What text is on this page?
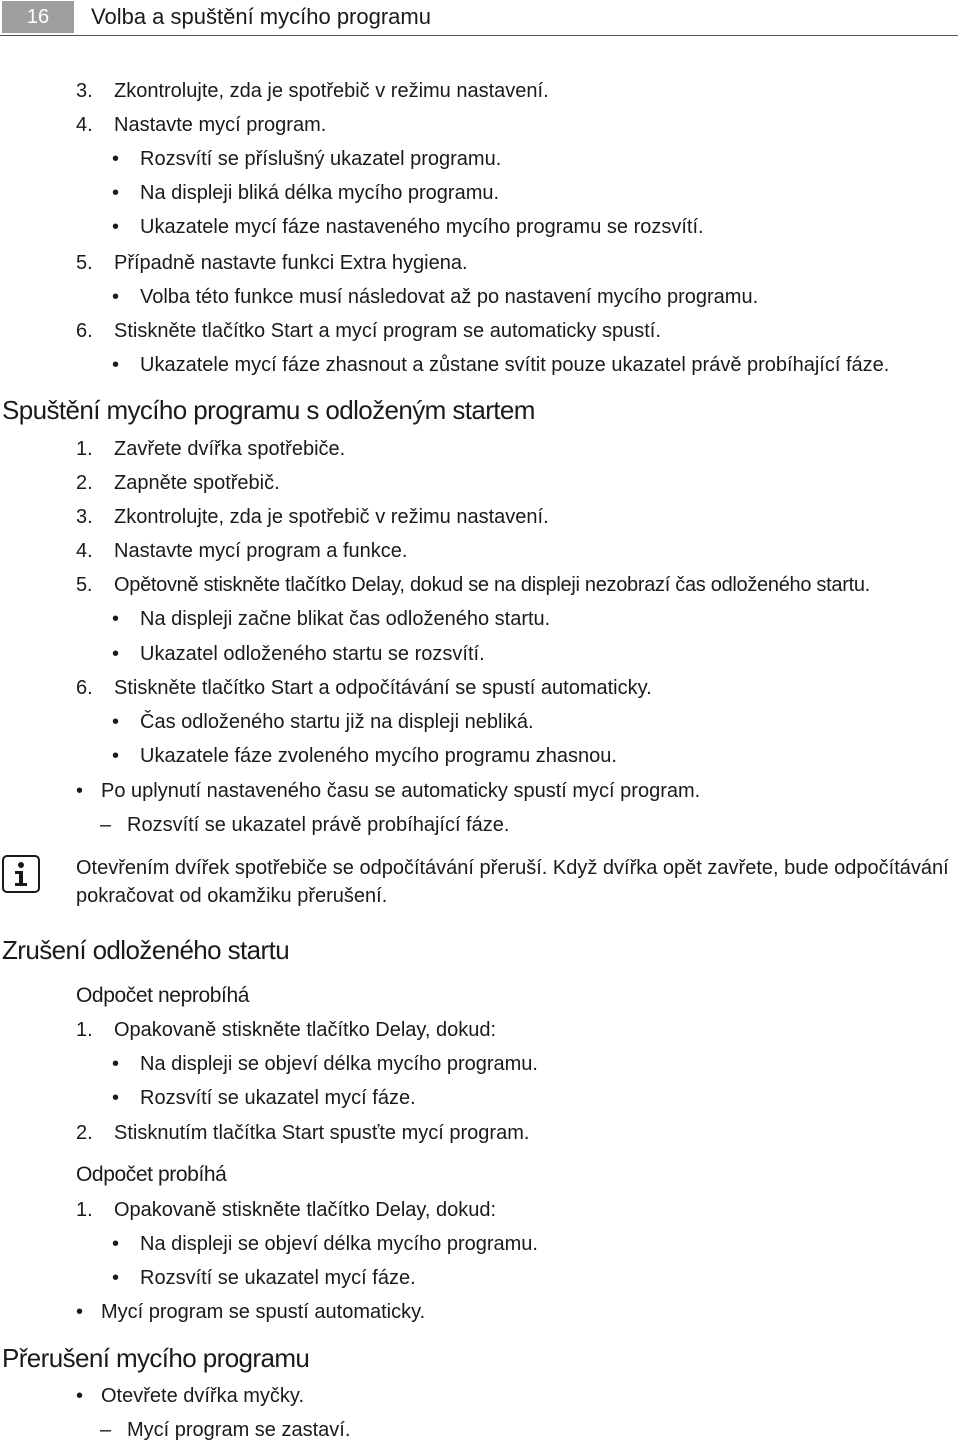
16	Volba a spuštění mycího programu
3. Zkontrolujte, zda je spotřebič v režimu nastavení.
4. Nastavte mycí program.
• Rozsvítí se příslušný ukazatel programu.
• Na displeji bliká délka mycího programu.
• Ukazatele mycí fáze nastaveného mycího programu se rozsvítí.
5. Případně nastavte funkci Extra hygiena.
• Volba této funkce musí následovat až po nastavení mycího programu.
6. Stiskněte tlačítko Start a mycí program se automaticky spustí.
• Ukazatele mycí fáze zhasnout a zůstane svítit pouze ukazatel právě probíhající fáze.
Spuštění mycího programu s odloženým startem
1. Zavřete dvířka spotřebiče.
2. Zapněte spotřebič.
3. Zkontrolujte, zda je spotřebič v režimu nastavení.
4. Nastavte mycí program a funkce.
5. Opětovně stiskněte tlačítko Delay, dokud se na displeji nezobrazí čas odloženého startu.
• Na displeji začne blikat čas odloženého startu.
• Ukazatel odloženého startu se rozsvítí.
6. Stiskněte tlačítko Start a odpočítávání se spustí automaticky.
• Čas odloženého startu již na displeji nebliká.
• Ukazatele fáze zvoleného mycího programu zhasnou.
• Po uplynutí nastaveného času se automaticky spustí mycí program.
– Rozsvítí se ukazatel právě probíhající fáze.
Otevřením dvířek spotřebiče se odpočítávání přeruší. Když dvířka opět zavřete, bude odpočítávání pokračovat od okamžiku přerušení.
Zrušení odloženého startu
Odpočet neprobíhá
1. Opakovaně stiskněte tlačítko Delay, dokud:
• Na displeji se objeví délka mycího programu.
• Rozsvítí se ukazatel mycí fáze.
2. Stisknutím tlačítka Start spusťte mycí program.
Odpočet probíhá
1. Opakovaně stiskněte tlačítko Delay, dokud:
• Na displeji se objeví délka mycího programu.
• Rozsvítí se ukazatel mycí fáze.
• Mycí program se spustí automaticky.
Přerušení mycího programu
• Otevřete dvířka myčky.
– Mycí program se zastaví.
